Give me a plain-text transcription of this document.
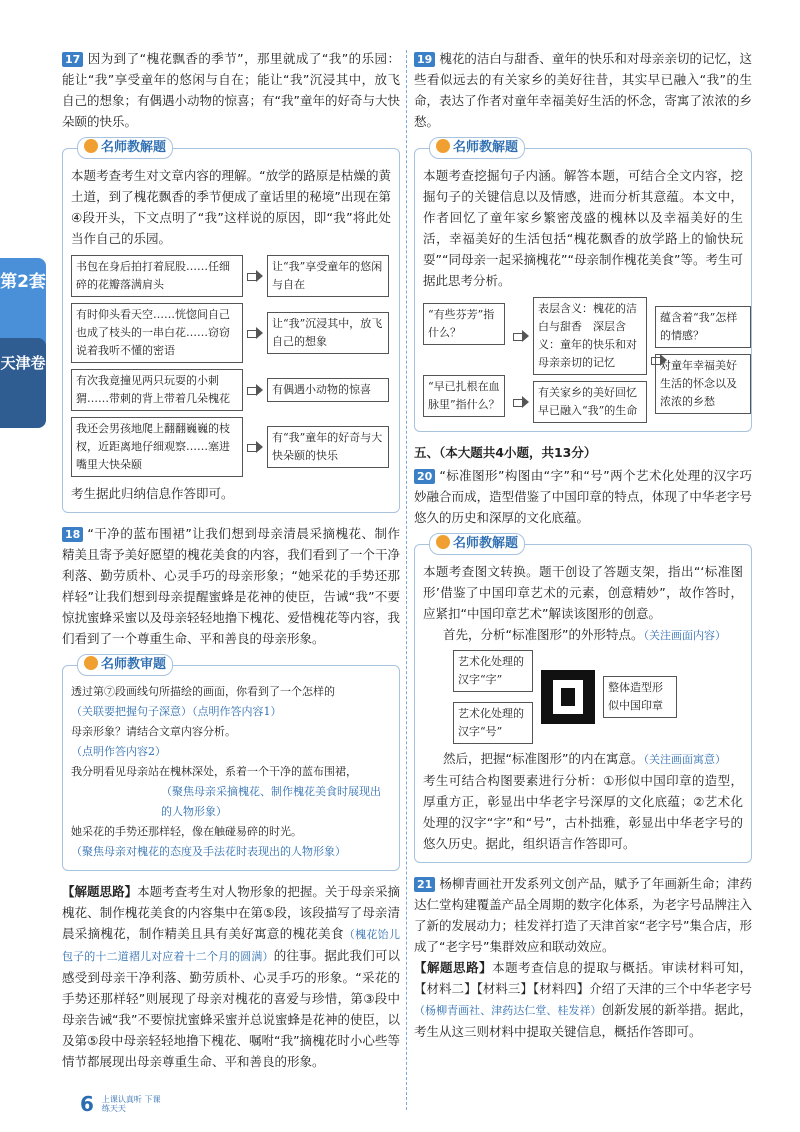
第2套
天津卷

17 因为到了“槐花飘香的季节”，那里就成了“我”的乐园：能让“我”享受童年的悠闲与自在；能让“我”沉浸其中，放飞自己的想象；有偶遇小动物的惊喜；有“我”童年的好奇与大快朵颐的快乐。

名师教解题

本题考查考生对文章内容的理解。“放学的路原是枯燥的黄土道，到了槐花飘香的季节便成了童话里的秘境”出现在第④段开头，下文点明了“我”这样说的原因，即“我”将此处当作自己的乐园。

书包在身后拍打着屁股……任细碎的花瓣落满肩头
让“我”享受童年的悠闲与自在
有时仰头看天空……恍惚间自己也成了枝头的一串白花……窃窃说着我听不懂的密语
让“我”沉浸其中，放飞自己的想象
有次我竟撞见两只玩耍的小刺猬……带刺的背上带着几朵槐花
有偶遇小动物的惊喜
我还会男孩地爬上翻翻巍巍的枝杈，近距离地仔细观察……塞进嘴里大快朵颐
有“我”童年的好奇与大快朵颐的快乐

考生据此归纳信息作答即可。

18 “干净的蓝布围裙”让我们想到母亲清晨采摘槐花、制作精美且寄予美好愿望的槐花美食的内容，我们看到了一个干净利落、勤劳质朴、心灵手巧的母亲形象；“她采花的手势还那样轻”让我们想到母亲提醒蜜蜂是花神的使臣，告诫“我”不要惊扰蜜蜂采蜜以及母亲轻轻地撸下槐花、爱惜槐花等内容，我们看到了一个尊重生命、平和善良的母亲形象。

名师教审题
透过第⑦段画线句所描绘的画面，你看到了一个怎样的
（关联要把握句子深意）（点明作答内容1）
母亲形象？请结合文章内容分析。
（点明作答内容2）
我分明看见母亲站在槐林深处，系着一个干净的蓝布围裙，
（聚焦母亲采摘槐花、制作槐花美食时展现出的人物形象）
她采花的手势还那样轻，像在触碰易碎的时光。
（聚焦母亲对槐花的态度及手法花时表现出的人物形象）

【解题思路】本题考查考生对人物形象的把握。关于母亲采摘槐花、制作槐花美食的内容集中在第⑤段，该段描写了母亲清晨采摘槐花，制作精美且具有美好寓意的槐花美食（槐花饴儿包子的十二道褶儿对应着十二个月的圆满）的往事。据此我们可以感受到母亲干净利落、勤劳质朴、心灵手巧的形象。“采花的手势还那样轻”则展现了母亲对槐花的喜爱与珍惜，第③段中母亲告诫“我”不要惊扰蜜蜂采蜜并总说蜜蜂是花神的使臣，以及第⑤段中母亲轻轻地撸下槐花、嘱咐“我”摘槐花时小心些等情节都展现出母亲尊重生命、平和善良的形象。

19 槐花的洁白与甜香、童年的快乐和对母亲亲切的记忆，这些看似远去的有关家乡的美好往昔，其实早已融入“我”的生命，表达了作者对童年幸福美好生活的怀念，寄寓了浓浓的乡愁。

名师教解题

本题考查挖掘句子内涵。解答本题，可结合全文内容，挖掘句子的关键信息以及情感，进而分析其意蕴。本文中，作者回忆了童年家乡繁密茂盛的槐林以及幸福美好的生活，幸福美好的生活包括“槐花飘香的放学路上的愉快玩耍”“同母亲一起采摘槐花”“母亲制作槐花美食”等。考生可据此思考分析。

“有些芬芳”指什么？
“早已扎根在血脉里”指什么？
表层含义：槐花的洁白与甜香　深层含义：童年的快乐和对母亲亲切的记忆
有关家乡的美好回忆早已融入“我”的生命
蕴含着“我”怎样的情感？
对童年幸福美好生活的怀念以及浓浓的乡愁

五、（本大题共4小题，共13分）

20 “标准图形”构图由“字”和“号”两个艺术化处理的汉字巧妙融合而成，造型借鉴了中国印章的特点，体现了中华老字号悠久的历史和深厚的文化底蕴。

名师教解题

本题考查图文转换。题干创设了答题支架，指出“‘标准图形’借鉴了中国印章艺术的元素，创意精妙”，故作答时，应紧扣“中国印章艺术”解读该图形的创意。

首先，分析“标准图形”的外形特点。（关注画面内容）

艺术化处理的汉字“字”
艺术化处理的汉字“号”
整体造型形似中国印章

然后，把握“标准图形”的内在寓意。（关注画面寓意）

考生可结合构图要素进行分析：①形似中国印章的造型，厚重方正，彰显出中华老字号深厚的文化底蕴；②艺术化处理的汉字“字”和“号”，古朴拙雅，彰显出中华老字号的悠久历史。据此，组织语言作答即可。

21 杨柳青画社开发系列文创产品，赋予了年画新生命；津药达仁堂构建覆盖产品全周期的数字化体系，为老字号品牌注入了新的发展动力；桂发祥打造了天津首家“老字号”集合店，形成了“老字号”集群效应和联动效应。

【解题思路】本题考查信息的提取与概括。审读材料可知，【材料二】【材料三】【材料四】介绍了天津的三个中华老字号（杨柳青画社、津药达仁堂、桂发祥）创新发展的新举措。据此，考生从这三则材料中提取关键信息，概括作答即可。

6 上课认真听 下课练天天
